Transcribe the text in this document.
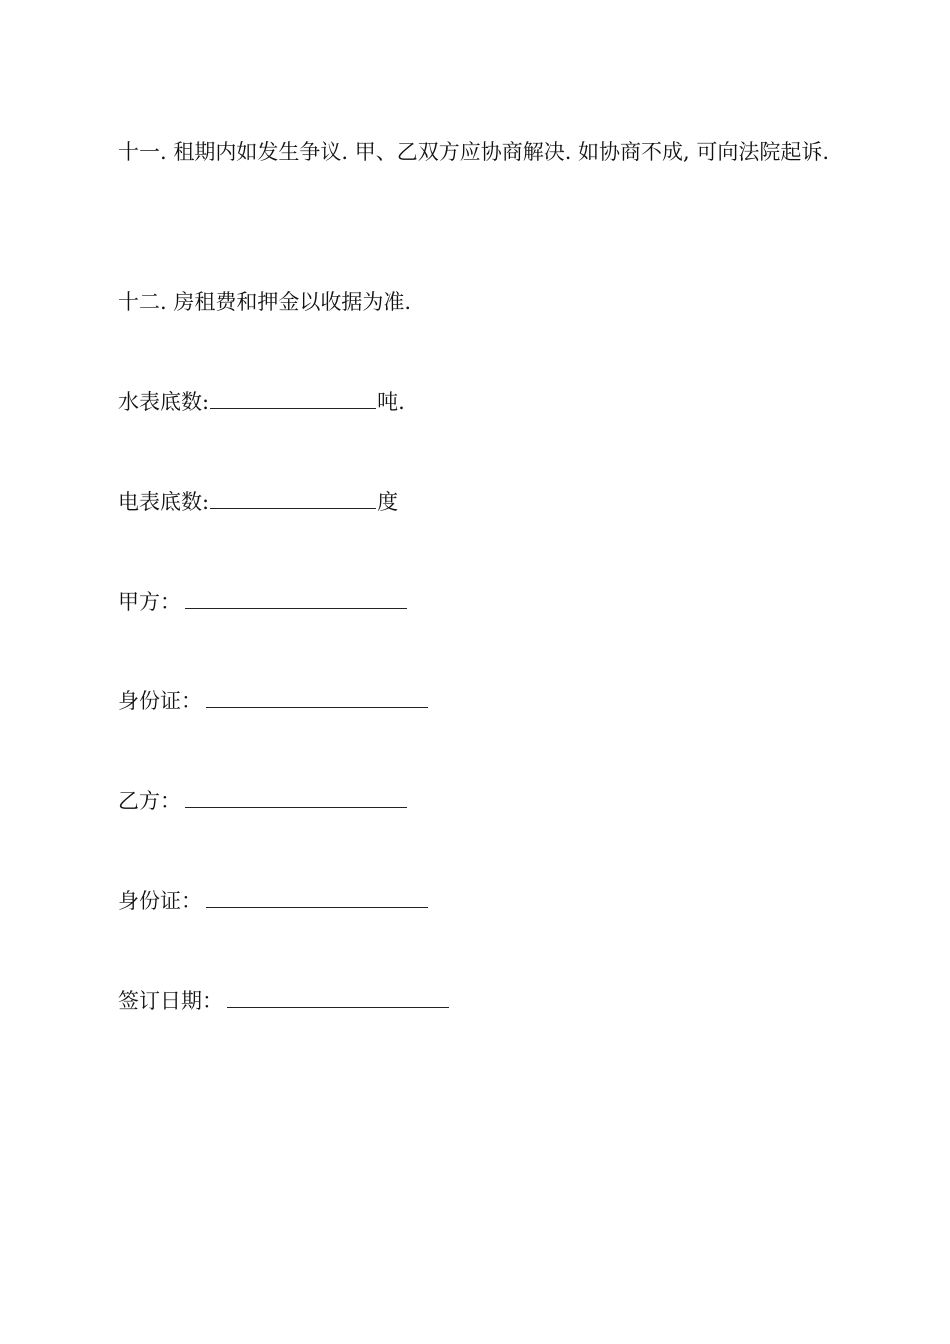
十一. 租期内如发生争议. 甲、乙双方应协商解决. 如协商不成, 可向法院起诉.
十二. 房租费和押金以收据为准.
水表底数:	吨.
电表底数:	度
甲方：
身份证：
乙方：
身份证：
签订日期：
